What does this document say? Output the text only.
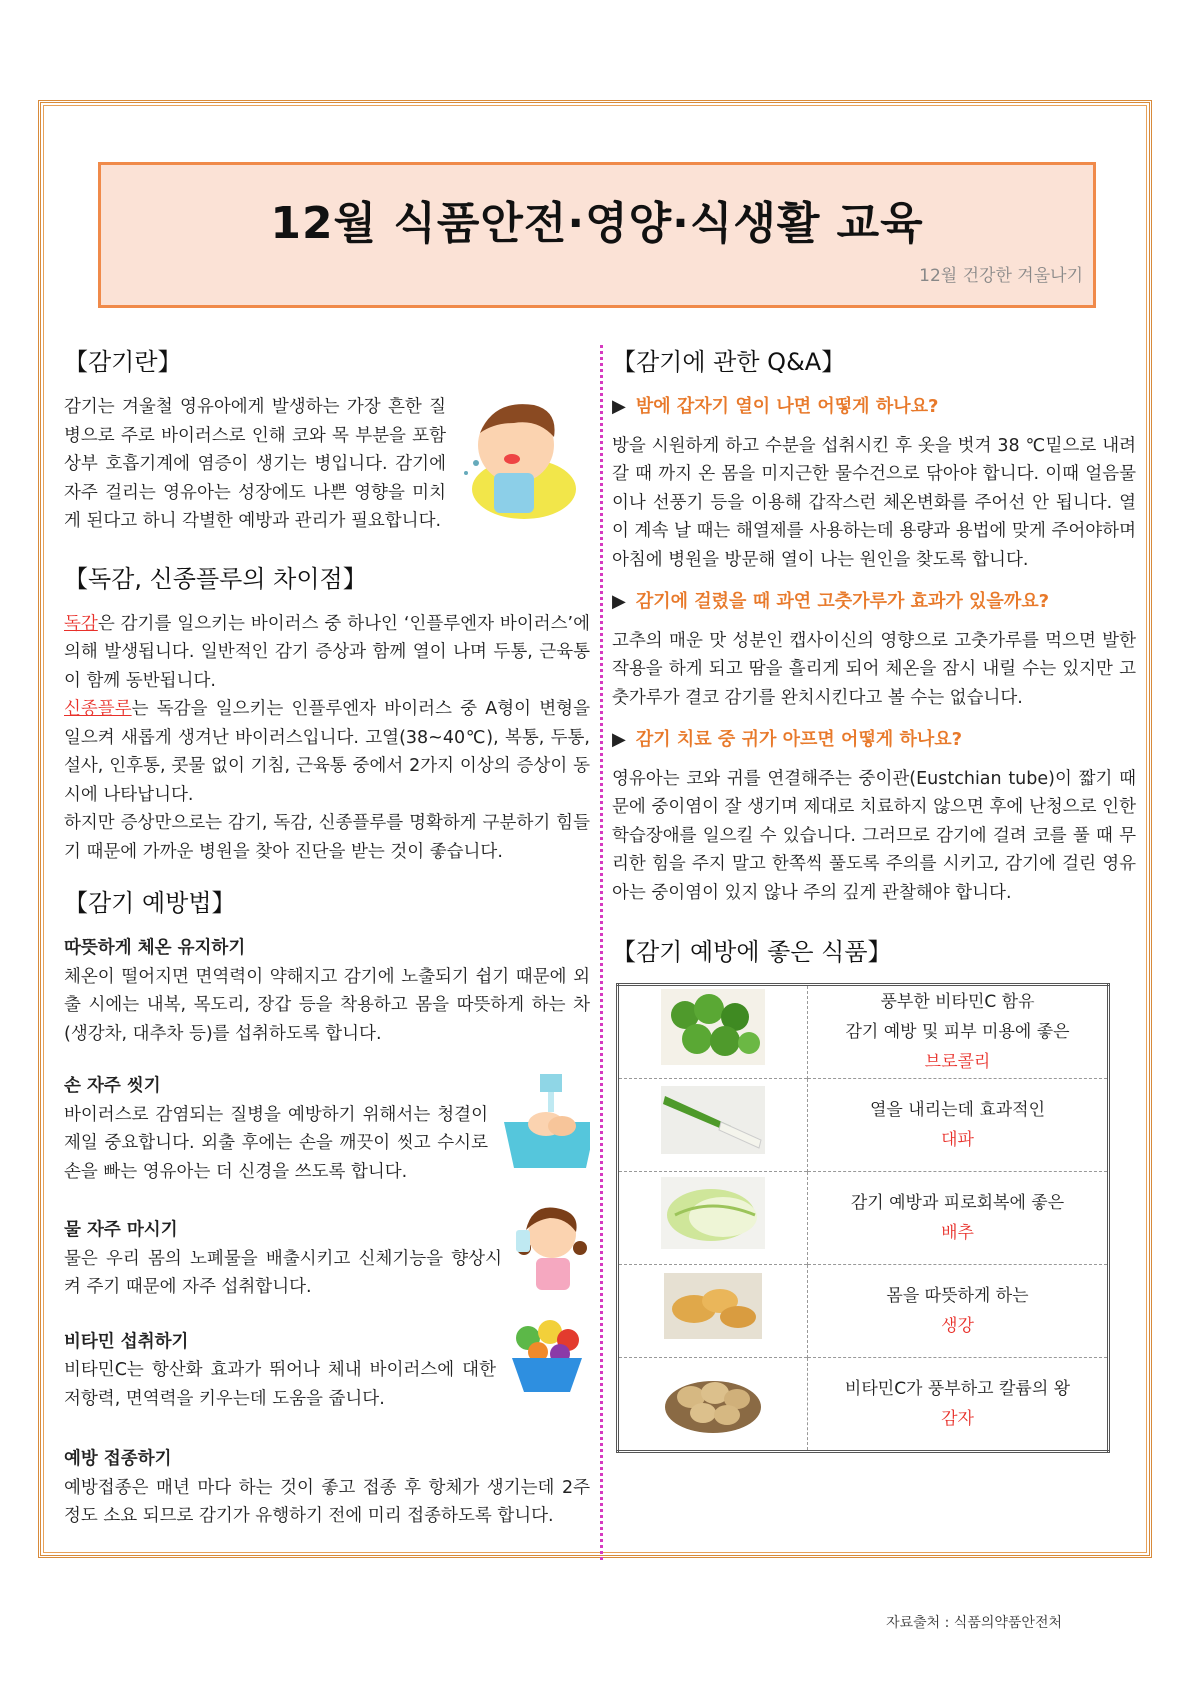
12월 식품안전·영양·식생활 교육
12월 건강한 겨울나기
【감기란】
감기는 겨울철 영유아에게 발생하는 가장 흔한 질병으로 주로 바이러스로 인해 코와 목 부분을 포함 상부 호흡기계에 염증이 생기는 병입니다. 감기에 자주 걸리는 영유아는 성장에도 나쁜 영향을 미치게 된다고 하니 각별한 예방과 관리가 필요합니다.
【독감, 신종플루의 차이점】
독감은 감기를 일으키는 바이러스 중 하나인 ‘인플루엔자 바이러스’에 의해 발생됩니다. 일반적인 감기 증상과 함께 열이 나며 두통, 근육통이 함께 동반됩니다.
신종플루는 독감을 일으키는 인플루엔자 바이러스 중 A형이 변형을 일으켜 새롭게 생겨난 바이러스입니다. 고열(38~40℃), 복통, 두통, 설사, 인후통, 콧물 없이 기침, 근육통 중에서 2가지 이상의 증상이 동시에 나타납니다.
하지만 증상만으로는 감기, 독감, 신종플루를 명확하게 구분하기 힘들기 때문에 가까운 병원을 찾아 진단을 받는 것이 좋습니다.
【감기 예방법】
따뜻하게 체온 유지하기
체온이 떨어지면 면역력이 약해지고 감기에 노출되기 쉽기 때문에 외출 시에는 내복, 목도리, 장갑 등을 착용하고 몸을 따뜻하게 하는 차(생강차, 대추차 등)를 섭취하도록 합니다.
손 자주 씻기
바이러스로 감염되는 질병을 예방하기 위해서는 청결이 제일 중요합니다. 외출 후에는 손을 깨끗이 씻고 수시로 손을 빠는 영유아는 더 신경을 쓰도록 합니다.
물 자주 마시기
물은 우리 몸의 노폐물을 배출시키고 신체기능을 향상시켜 주기 때문에 자주 섭취합니다.
비타민 섭취하기
비타민C는 항산화 효과가 뛰어나 체내 바이러스에 대한 저항력, 면역력을 키우는데 도움을 줍니다.
예방 접종하기
예방접종은 매년 마다 하는 것이 좋고 접종 후 항체가 생기는데 2주 정도 소요 되므로 감기가 유행하기 전에 미리 접종하도록 합니다.
【감기에 관한 Q&A】
▶ 밤에 갑자기 열이 나면 어떻게 하나요?
방을 시원하게 하고 수분을 섭취시킨 후 옷을 벗겨 38 ℃밑으로 내려갈 때 까지 온 몸을 미지근한 물수건으로 닦아야 합니다. 이때 얼음물이나 선풍기 등을 이용해 갑작스런 체온변화를 주어선 안 됩니다. 열이 계속 날 때는 해열제를 사용하는데 용량과 용법에 맞게 주어야하며 아침에 병원을 방문해 열이 나는 원인을 찾도록 합니다.
▶ 감기에 걸렸을 때 과연 고춧가루가 효과가 있을까요?
고추의 매운 맛 성분인 캡사이신의 영향으로 고춧가루를 먹으면 발한작용을 하게 되고 땀을 흘리게 되어 체온을 잠시 내릴 수는 있지만 고춧가루가 결코 감기를 완치시킨다고 볼 수는 없습니다.
▶ 감기 치료 중 귀가 아프면 어떻게 하나요?
영유아는 코와 귀를 연결해주는 중이관(Eustchian tube)이 짧기 때문에 중이염이 잘 생기며 제대로 치료하지 않으면 후에 난청으로 인한 학습장애를 일으킬 수 있습니다. 그러므로 감기에 걸려 코를 풀 때 무리한 힘을 주지 말고 한쪽씩 풀도록 주의를 시키고, 감기에 걸린 영유아는 중이염이 있지 않나 주의 깊게 관찰해야 합니다.
【감기 예방에 좋은 식품】

풍부한 비타민C 함유
감기 예방 및 피부 미용에 좋은
브로콜리

열을 내리는데 효과적인
대파

감기 예방과 피로회복에 좋은
배추

몸을 따뜻하게 하는
생강

비타민C가 풍부하고 칼륨의 왕
감자
자료출처 : 식품의약품안전처
